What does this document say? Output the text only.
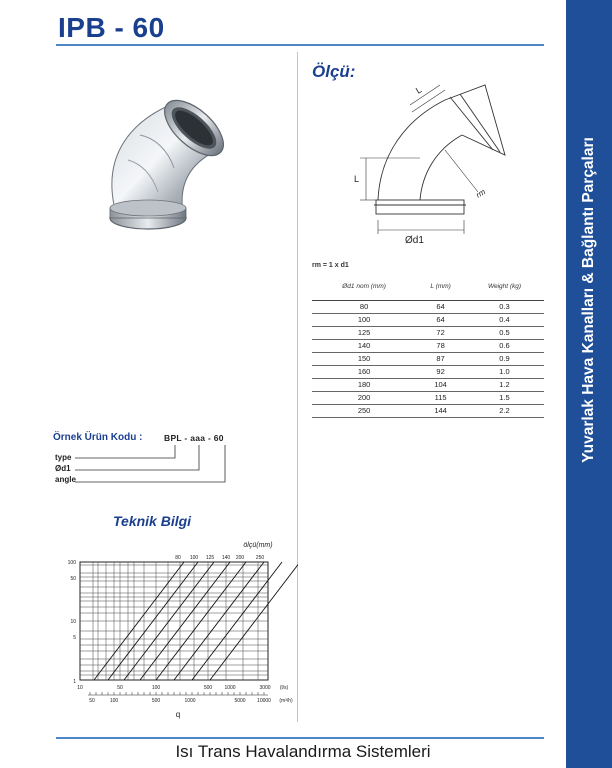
IPB - 60
Yuvarlak Hava Kanalları & Bağlantı Parçaları
Ölçü:
L
L
rm
Ød1
rm = 1 x d1
Ød1 nom (mm)	L (mm)	Weight (kg)
80	64	0.3
100	64	0.4
125	72	0.5
140	78	0.6
150	87	0.9
160	92	1.0
180	104	1.2
200	115	1.5
250	144	2.2
Örnek Ürün Kodu :	BPL - aaa - 60
type
Ød1
angle
Teknik Bilgi
ölçü(mm)
80 100 125 140 200 250
100
50
10
5
1
10	50	100	500 1000	3000 (l/s)
50	100	500	1000	5000 10000 (m³/h)
q
Isı Trans Havalandırma Sistemleri
